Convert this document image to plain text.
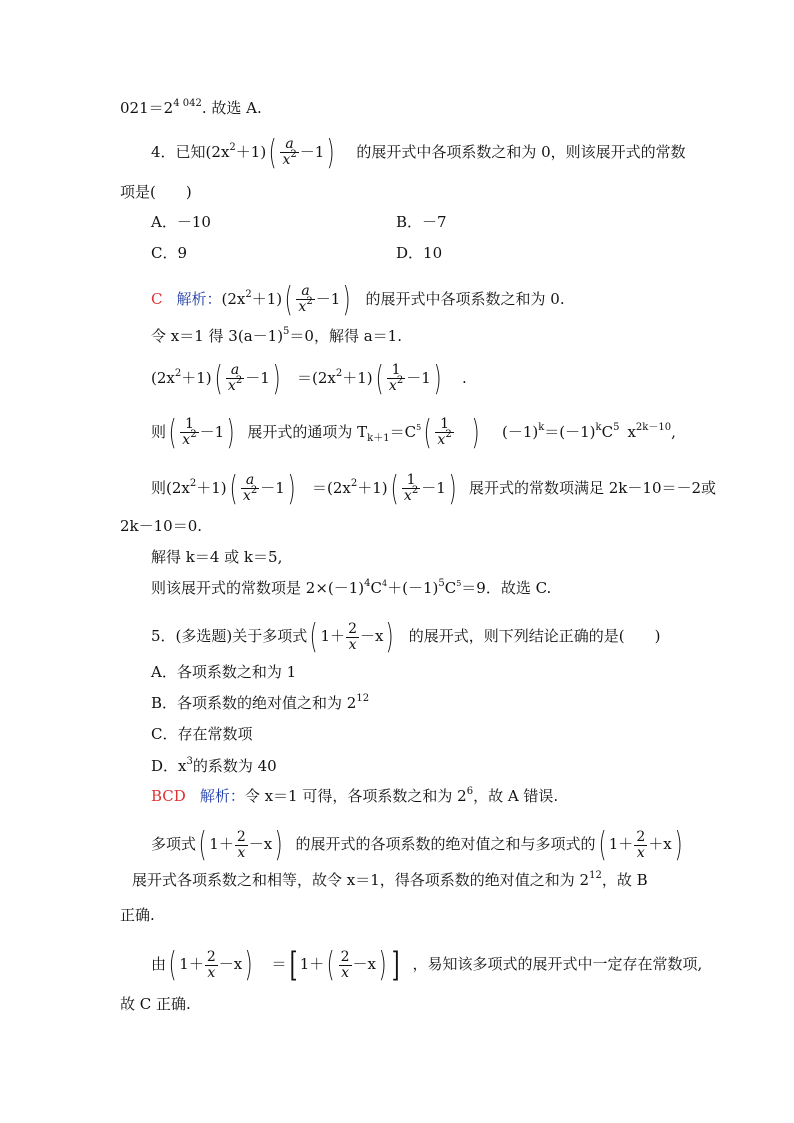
$021=2^{4 042}$. 故选 A.
4．已知$(2x^2+1)( \frac{a}{x^2} -1)$ 的展开式中各项系数之和为 0，则该展开式的常数
项是(　　)
A．－10	B．－7
C．9	D．10
C 解析：$(2x^2+1)( \frac{a}{x^2} -1)$ 的展开式中各项系数之和为 0.
令 x＝1 得 $3(a-1)^5=0$，解得 a＝1.
$(2x^2+1)( \frac{a}{x^2} -1) =(2x^2+1)( \frac{1}{x^2} -1)$ .
则( $\frac{1}{x^2} -1$) 展开式的通项为 $T_{k+1}=C^5( \frac{1}{x^2}$ ) $(-1)^k=(-1)^kC^5$ $x^{2k-10}$,
则$(2x^2+1)( \frac{a}{x^2} -1) =(2x^2+1)( \frac{1}{x^2} -1)$ 展开式的常数项满足 2k－10＝－2或
2k－10＝0.
解得 k＝4 或 k＝5,
则该展开式的常数项是 $2\times(-1)^4C^4+(-1)^5C^5=9$．故选 C.
5．(多选题)关于多项式( $1+ \frac{2}{x} -x$) 的展开式，则下列结论正确的是(　　)
A．各项系数之和为 1
B．各项系数的绝对值之和为 $2^{12}$
C．存在常数项
D．$x^3$的系数为 40
BCD 解析：令 x＝1 可得，各项系数之和为 $2^6$，故 A 错误.
多项式( $1+ \frac{2}{x} -x$) 的展开式的各项系数的绝对值之和与多项式的( $1+ \frac{2}{x} +x$)
展开式各项系数之和相等，故令 x＝1，得各项系数的绝对值之和为 $2^{12}$，故 B
正确.
由( $1+ \frac{2}{x} -x$) ＝[ $1+( \frac{2}{x} -x)$ ] ，易知该多项式的展开式中一定存在常数项,
故 C 正确.
